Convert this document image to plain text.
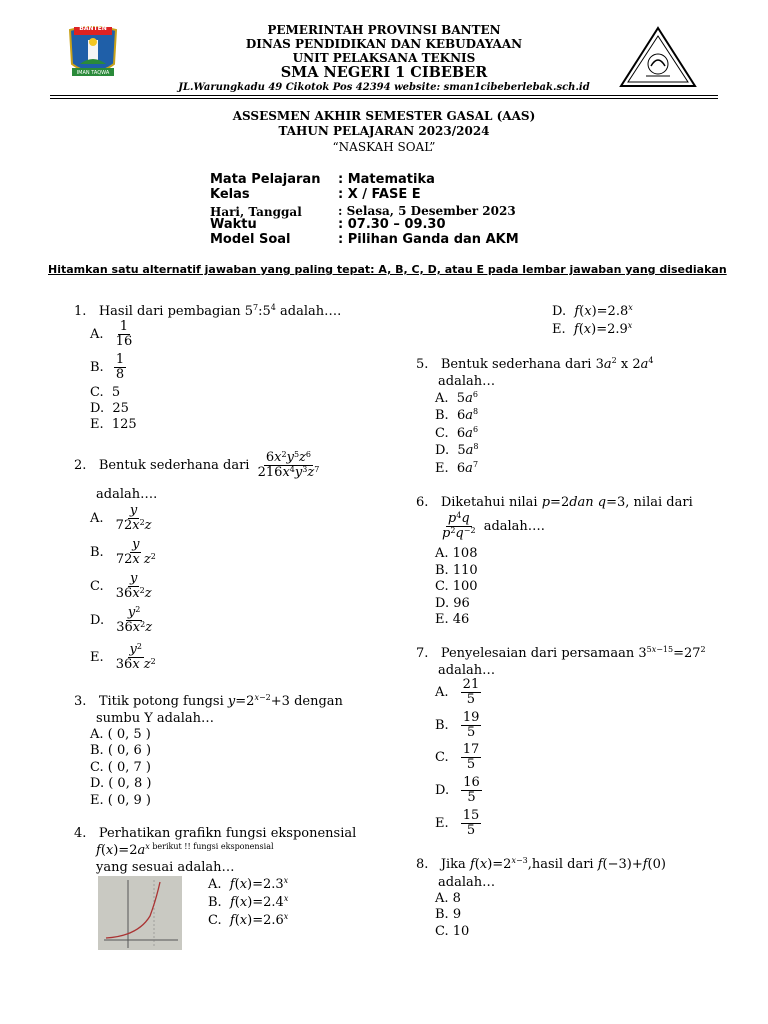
BANTEN
IMAN TAQWA
PEMERINTAH PROVINSI BANTEN
DINAS PENDIDIKAN DAN KEBUDAYAAN
UNIT PELAKSANA TEKNIS
SMA NEGERI 1 CIBEBER
JL.Warungkadu 49 Cikotok Pos 42394 website: sman1cibeberlebak.sch.id
ASSESMEN AKHIR SEMESTER GASAL (AAS)
TAHUN PELAJARAN 2023/2024
“NASKAH SOAL”
Mata Pelajaran : Matematika
Kelas	: X / FASE E
Hari, Tanggal	: Selasa, 5 Desember 2023
Waktu	: 07.30 – 09.30
Model Soal	: Pilihan Ganda dan AKM
Hitamkan satu alternatif jawaban yang paling tepat: A, B, C, D, atau E pada lembar jawaban yang disediakan
1. Hasil dari pembagian $5^7:5^4$ adalah….
A. $\frac{1}{16}$
B. $\frac{1}{8}$
C. 5
D. 25
E. 125
2. Bentuk sederhana dari $\frac{6x^2y^5z^6}{216x^4y^3z^7}$
adalah….
A. $\frac{y}{72x^2z}$
B. $\frac{y}{72x z^2}$
C. $\frac{y}{36x^2z}$
D. $\frac{y^2}{36x^2z}$
E. $\frac{y^2}{36x z^2}$
3. Titik potong fungsi $y=2^{x-2}+3$ dengan
sumbu Y adalah…
A. ( 0, 5 )
B. ( 0, 6 )
C. ( 0, 7 )
D. ( 0, 8 )
E. ( 0, 9 )
4. Perhatikan grafikn fungsi eksponensial
$f(x)=2a^{x berikut !! fungsi eksponensial}$
yang sesuai adalah…
A. $f(x)=2.3^x$
B. $f(x)=2.4^x$
C. $f(x)=2.6^x$
D. $f(x)=2.8^x$
E. $f(x)=2.9^x$
5. Bentuk sederhana dari $3a^2$ x $2a^4$
adalah…
A.  $5a^6$
B.  $6a^8$
C.  $6a^6$
D.  $5a^8$
E.  $6a^7$
6. Diketahui nilai p=2dan q=3, nilai dari
$\frac{p^4q}{p^2q^{-2}}$ adalah….
A. 108
B. 110
C. 100
D. 96
E. 46
7. Penyelesaian dari persamaan $3^{5x-15}=27^2$
adalah…
A. $\frac{21}{5}$
B. $\frac{19}{5}$
C. $\frac{17}{5}$
D. $\frac{16}{5}$
E. $\frac{15}{5}$
8. Jika $f(x)=2^{x-3},hasil$ dari f(−3)+f(0)
adalah…
A. 8
B. 9
C. 10
